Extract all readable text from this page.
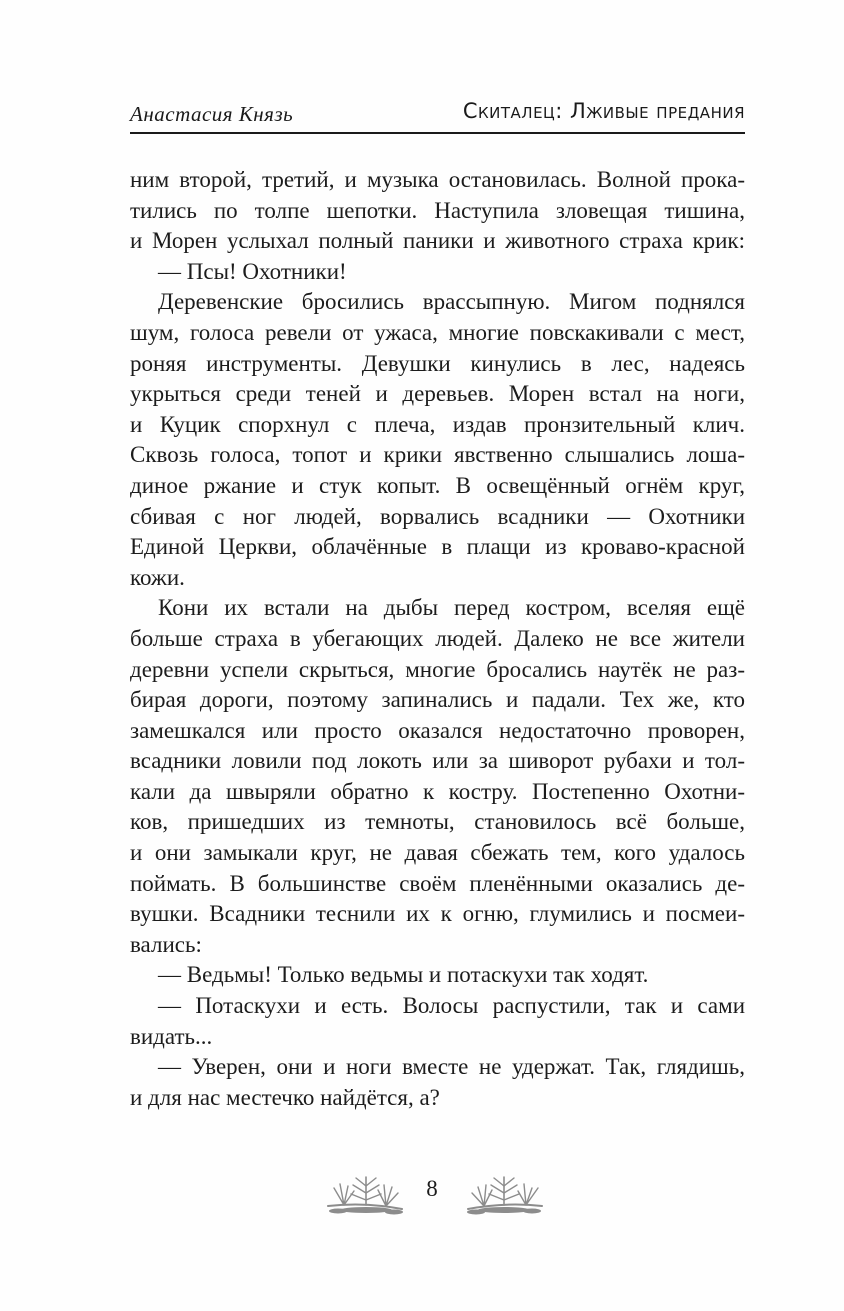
Анастасия Князь	Скиталец: Лживые предания
ним второй, третий, и музыка остановилась. Волной прока-
тились по толпе шепотки. Наступила зловещая тишина,
и Морен услыхал полный паники и животного страха крик:
— Псы! Охотники!
Деревенские бросились врассыпную. Мигом поднялся
шум, голоса ревели от ужаса, многие повскакивали с мест,
роняя инструменты. Девушки кинулись в лес, надеясь
укрыться среди теней и деревьев. Морен встал на ноги,
и Куцик спорхнул с плеча, издав пронзительный клич.
Сквозь голоса, топот и крики явственно слышались лоша-
диное ржание и стук копыт. В освещённый огнём круг,
сбивая с ног людей, ворвались всадники — Охотники
Единой Церкви, облачённые в плащи из кроваво-красной
кожи.
Кони их встали на дыбы перед костром, вселяя ещё
больше страха в убегающих людей. Далеко не все жители
деревни успели скрыться, многие бросались наутёк не раз-
бирая дороги, поэтому запинались и падали. Тех же, кто
замешкался или просто оказался недостаточно проворен,
всадники ловили под локоть или за шиворот рубахи и тол-
кали да швыряли обратно к костру. Постепенно Охотни-
ков, пришедших из темноты, становилось всё больше,
и они замыкали круг, не давая сбежать тем, кого удалось
поймать. В большинстве своём пленёнными оказались де-
вушки. Всадники теснили их к огню, глумились и посмеи-
вались:
— Ведьмы! Только ведьмы и потаскухи так ходят.
— Потаскухи и есть. Волосы распустили, так и сами
видать...
— Уверен, они и ноги вместе не удержат. Так, глядишь,
и для нас местечко найдётся, а?
8
